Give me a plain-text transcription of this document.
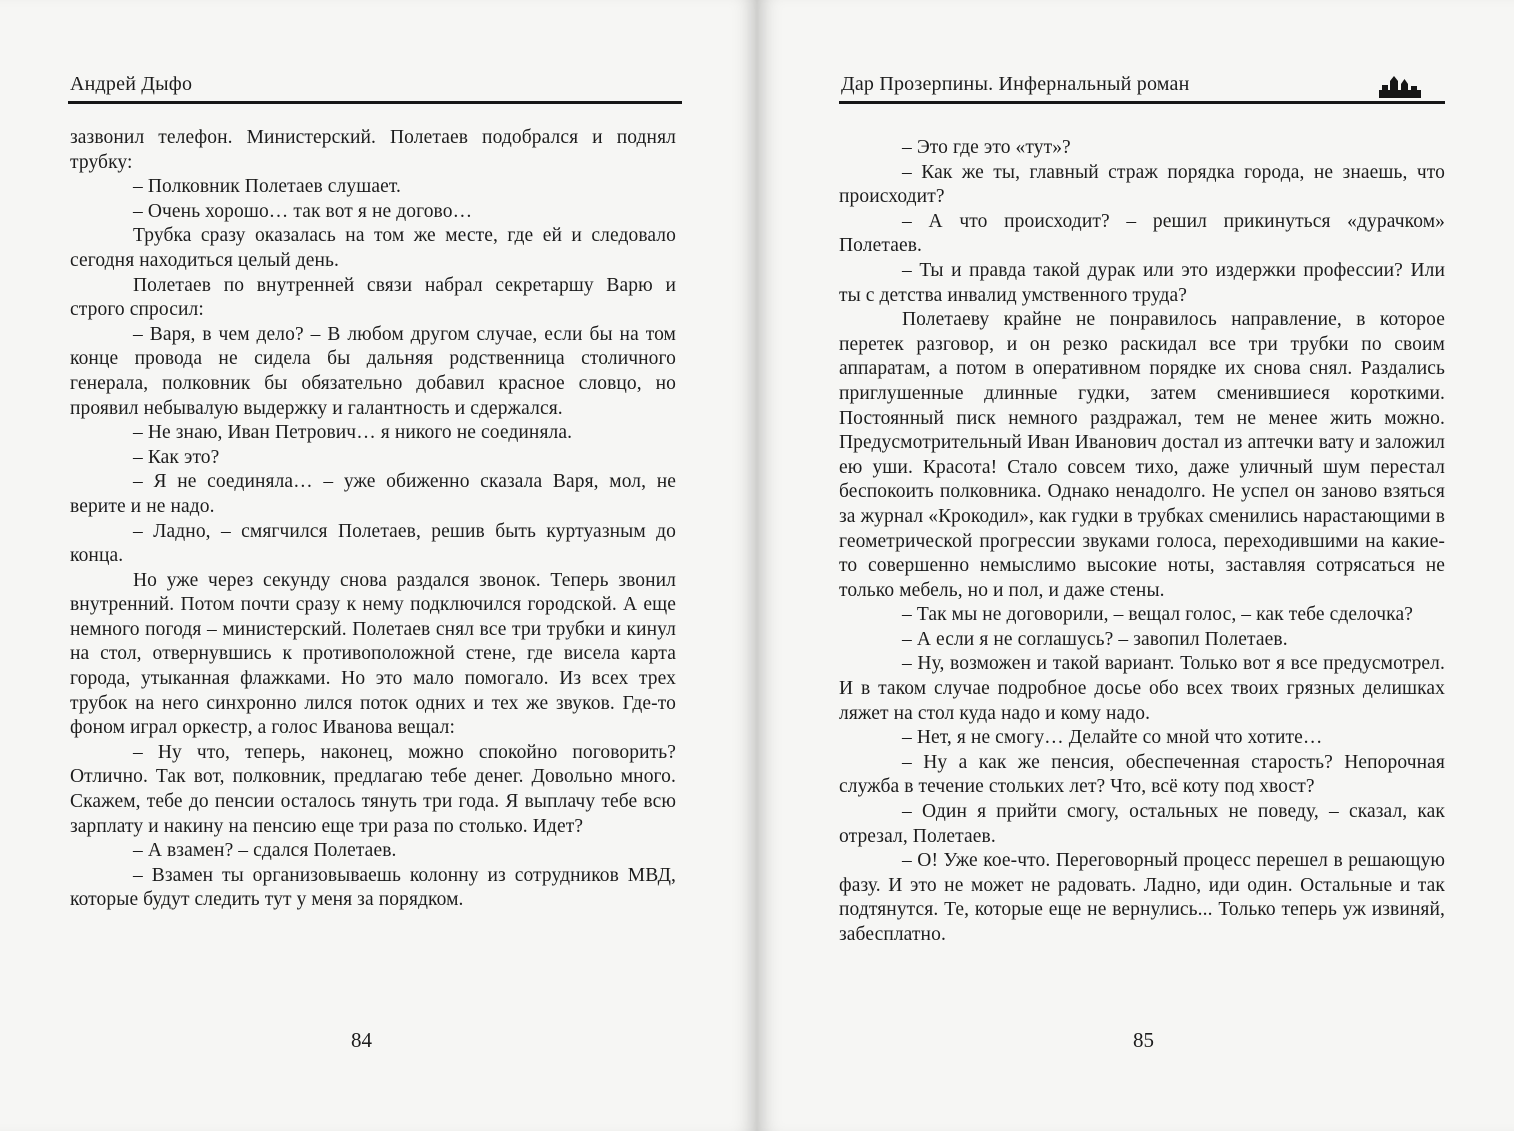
Андрей Дыфо

зазвонил телефон. Министерский. Полетаев подобрался и поднял трубку:

– Полковник Полетаев слушает.

– Очень хорошо… так вот я не догово…

Трубка сразу оказалась на том же месте, где ей и следовало сегодня находиться целый день.

Полетаев по внутренней связи набрал секретаршу Варю и строго спросил:

– Варя, в чем дело? – В любом другом случае, если бы на том конце провода не сидела бы дальняя родственница столичного генерала, полковник бы обязательно добавил красное словцо, но проявил небывалую выдержку и галантность и сдержался.

– Не знаю, Иван Петрович… я никого не соединяла.

– Как это?

– Я не соединяла… – уже обиженно сказала Варя, мол, не верите и не надо.

– Ладно, – смягчился Полетаев, решив быть куртуазным до конца.

Но уже через секунду снова раздался звонок. Теперь звонил внутренний. Потом почти сразу к нему подключился городской. А еще немного погодя – министерский. Полетаев снял все три трубки и кинул на стол, отвернувшись к противоположной стене, где висела карта города, утыканная флажками. Но это мало помогало. Из всех трех трубок на него синхронно лился поток одних и тех же звуков. Где-то фоном играл оркестр, а голос Иванова вещал:

– Ну что, теперь, наконец, можно спокойно поговорить? Отлично. Так вот, полковник, предлагаю тебе денег. Довольно много. Скажем, тебе до пенсии осталось тянуть три года. Я выплачу тебе всю зарплату и накину на пенсию еще три раза по столько. Идет?

– А взамен? – сдался Полетаев.

– Взамен ты организовываешь колонну из сотрудников МВД, которые будут следить тут у меня за порядком.

84
Дар Прозерпины. Инфернальный роман

– Это где это «тут»?

– Как же ты, главный страж порядка города, не знаешь, что происходит?

– А что происходит? – решил прикинуться «дурачком» Полетаев.

– Ты и правда такой дурак или это издержки профессии? Или ты с детства инвалид умственного труда?

Полетаеву крайне не понравилось направление, в которое перетек разговор, и он резко раскидал все три трубки по своим аппаратам, а потом в оперативном порядке их снова снял. Раздались приглушенные длинные гудки, затем сменившиеся короткими. Постоянный писк немного раздражал, тем не менее жить можно. Предусмотрительный Иван Иванович достал из аптечки вату и заложил ею уши. Красота! Стало совсем тихо, даже уличный шум перестал беспокоить полковника. Однако ненадолго. Не успел он заново взяться за журнал «Крокодил», как гудки в трубках сменились нарастающими в геометрической прогрессии звуками голоса, переходившими на какие-то совершенно немыслимо высокие ноты, заставляя сотрясаться не только мебель, но и пол, и даже стены.

– Так мы не договорили, – вещал голос, – как тебе сделочка?

– А если я не соглашусь? – завопил Полетаев.

– Ну, возможен и такой вариант. Только вот я все предусмотрел. И в таком случае подробное досье обо всех твоих грязных делишках ляжет на стол куда надо и кому надо.

– Нет, я не смогу… Делайте со мной что хотите…

– Ну а как же пенсия, обеспеченная старость? Непорочная служба в течение стольких лет? Что, всё коту под хвост?

– Один я прийти смогу, остальных не поведу, – сказал, как отрезал, Полетаев.

– О! Уже кое-что. Переговорный процесс перешел в решающую фазу. И это не может не радовать. Ладно, иди один. Остальные и так подтянутся. Те, которые еще не вернулись... Только теперь уж извиняй, забесплатно.

85
